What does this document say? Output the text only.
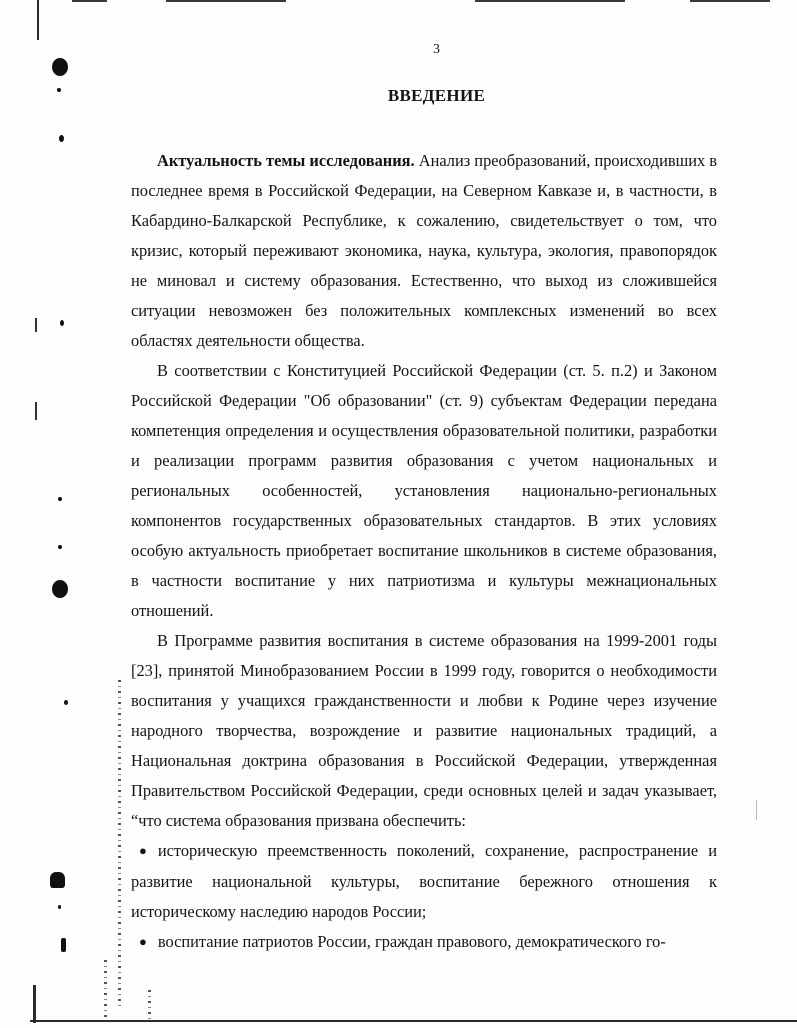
3
ВВЕДЕНИЕ

Актуальность темы исследования. Анализ преобразований, происходивших в последнее время в Российской Федерации, на Северном Кавказе и, в частности, в Кабардино-Балкарской Республике, к сожалению, свидетельствует о том, что кризис, который переживают экономика, наука, культура, экология, правопорядок не миновал и систему образования. Естественно, что выход из сложившейся ситуации невозможен без положительных комплексных изменений во всех областях деятельности общества.

В соответствии с Конституцией Российской Федерации (ст. 5. п.2) и Законом Российской Федерации "Об образовании" (ст. 9) субъектам Федерации передана компетенция определения и осуществления образовательной политики, разработки и реализации программ развития образования с учетом национальных и региональных особенностей, установления национально-региональных компонентов государственных образовательных стандартов. В этих условиях особую актуальность приобретает воспитание школьников в системе образования, в частности воспитание у них патриотизма и культуры межнациональных отношений.

В Программе развития воспитания в системе образования на 1999-2001 годы [23], принятой Минобразованием России в 1999 году, говорится о необходимости воспитания у учащихся гражданственности и любви к Родине через изучение народного творчества, возрождение и развитие национальных традиций, а Национальная доктрина образования в Российской Федерации, утвержденная Правительством Российской Федерации, среди основных целей и задач указывает, “что система образования призвана обеспечить:

● историческую преемственность поколений, сохранение, распространение и развитие национальной культуры, воспитание бережного отношения к историческому наследию народов России;
● воспитание патриотов России, граждан правового, демократического го-
